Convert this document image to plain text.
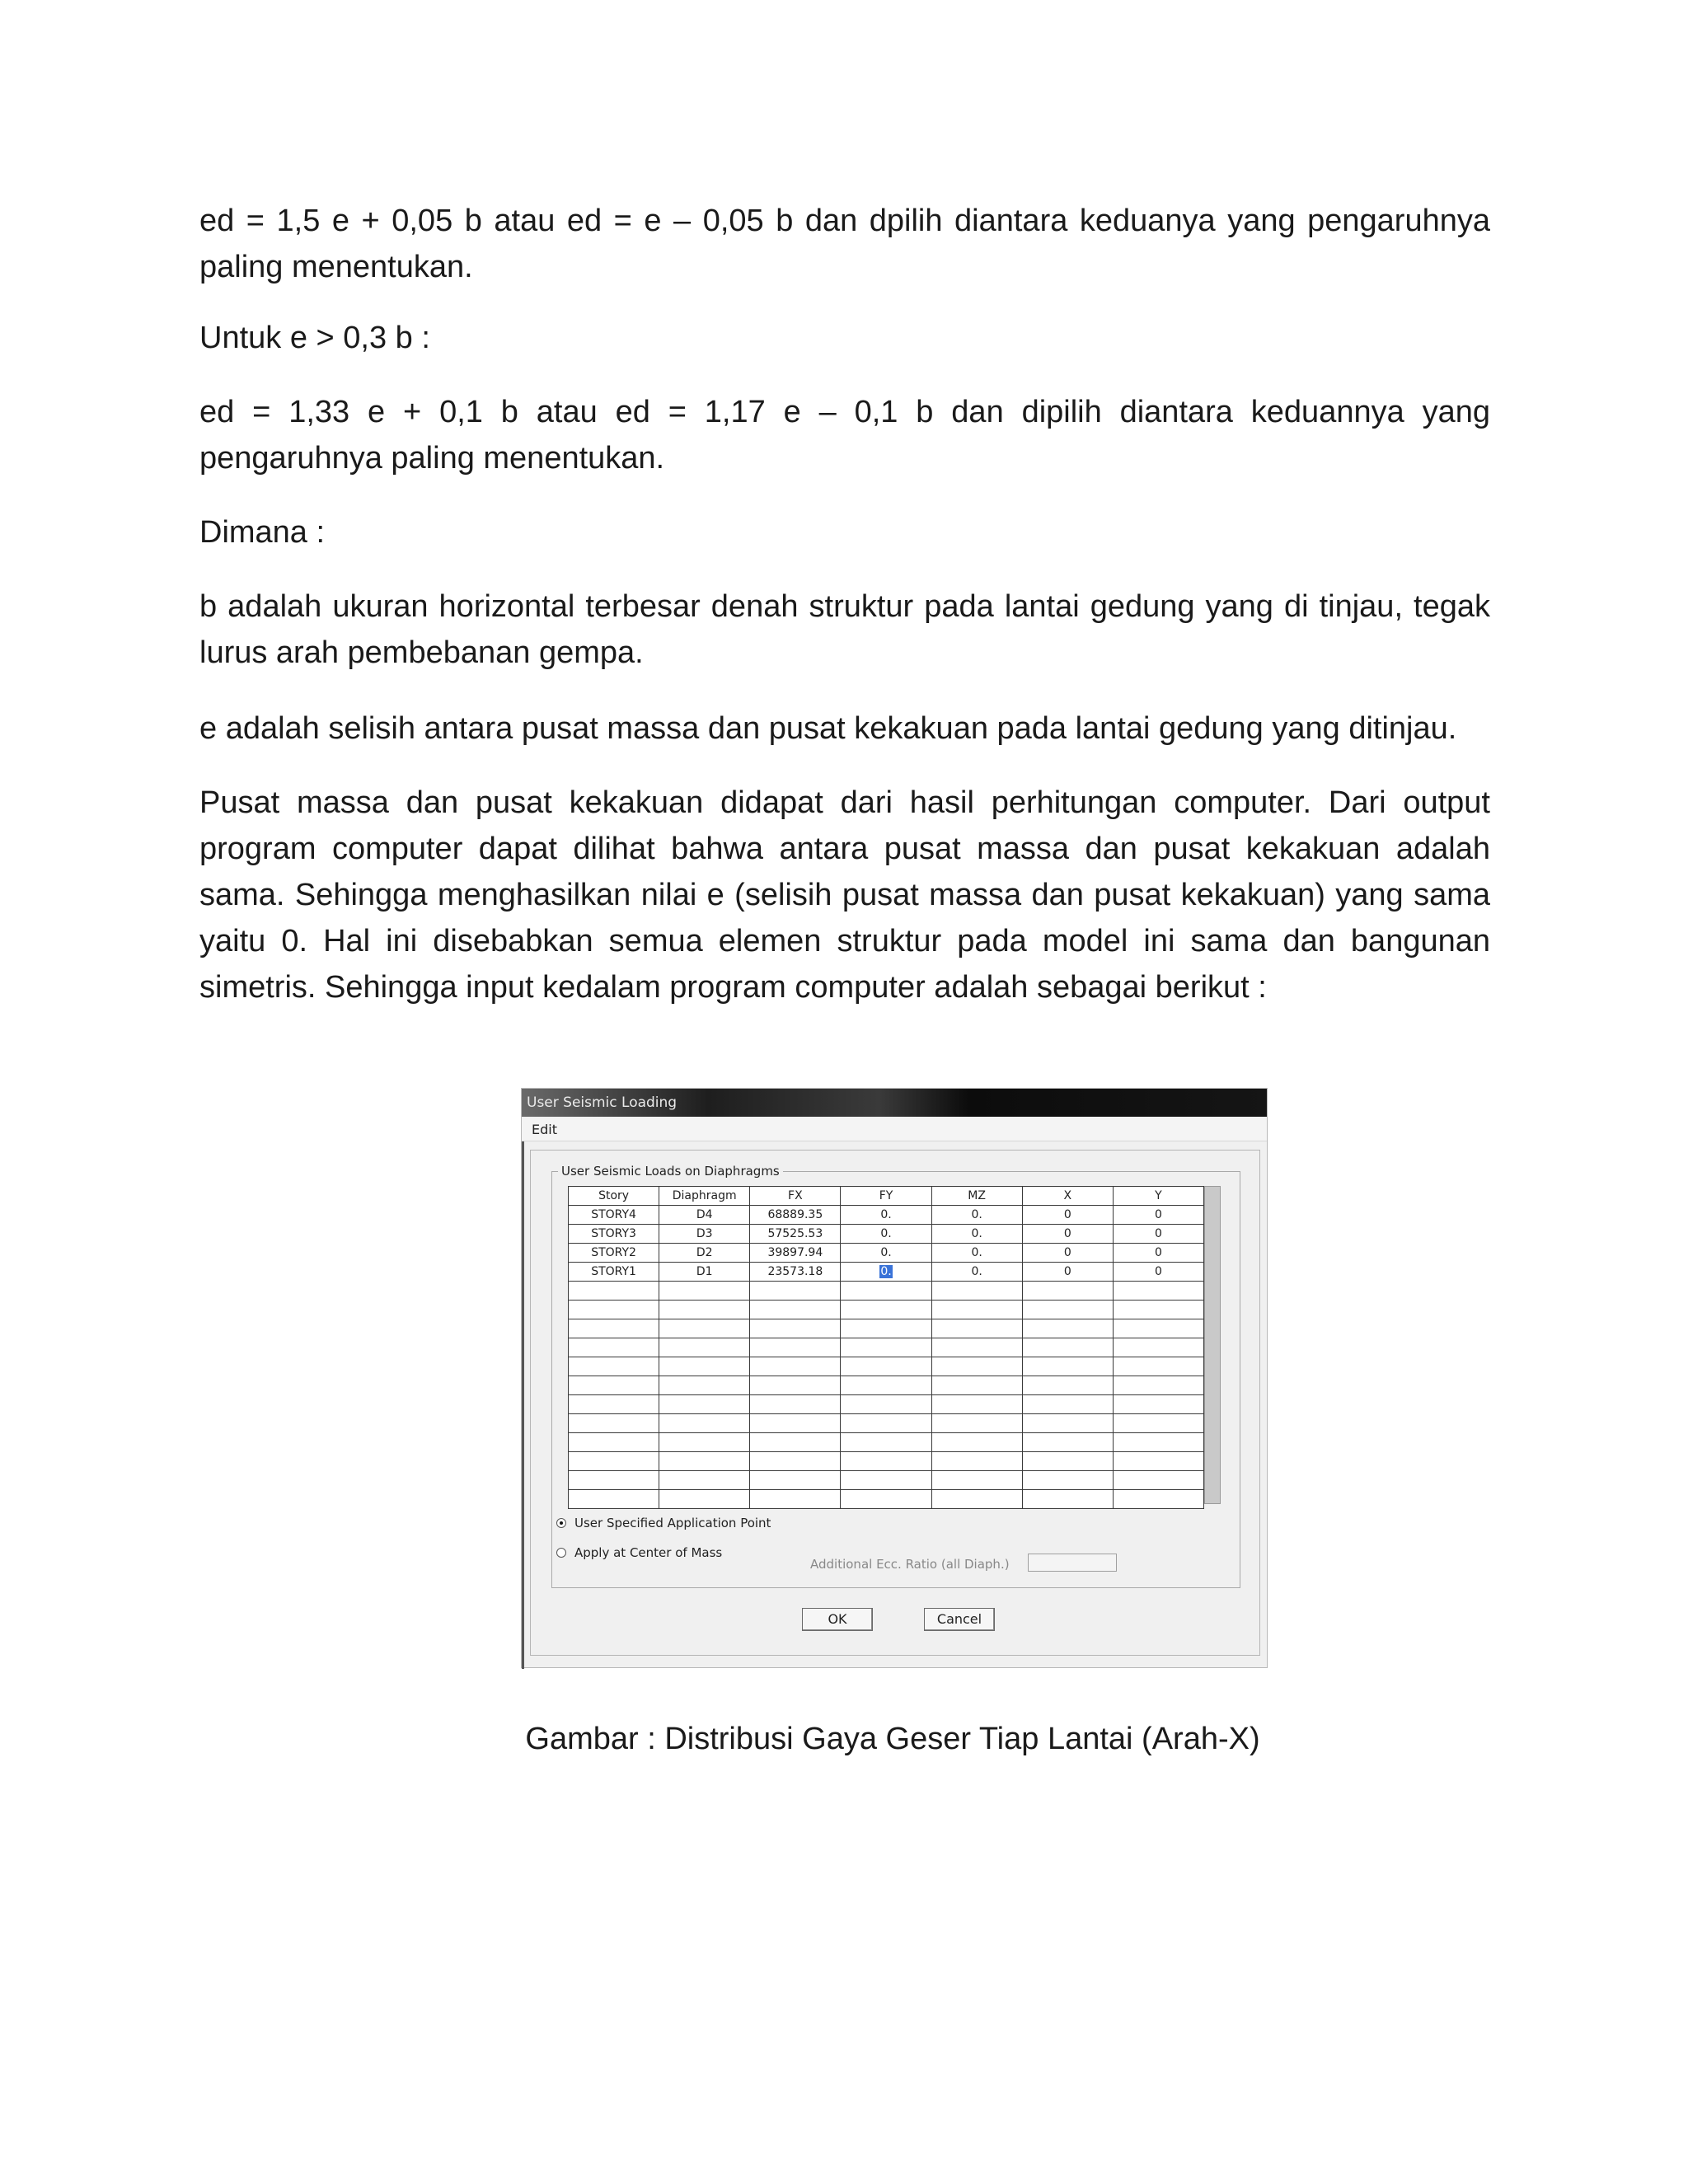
ed = 1,5 e + 0,05 b atau ed = e – 0,05 b dan dpilih diantara keduanya yang pengaruhnya paling menentukan.

Untuk e > 0,3 b :

ed = 1,33 e + 0,1 b atau ed = 1,17 e – 0,1 b dan dipilih diantara keduannya yang pengaruhnya paling menentukan.

Dimana :

b adalah ukuran horizontal terbesar denah struktur pada lantai gedung yang di tinjau, tegak lurus arah pembebanan gempa.

e adalah selisih antara pusat massa dan pusat kekakuan pada lantai gedung yang ditinjau.

Pusat massa dan pusat kekakuan didapat dari hasil perhitungan computer. Dari output program computer dapat dilihat bahwa antara pusat massa dan pusat kekakuan adalah sama. Sehingga menghasilkan nilai e (selisih pusat massa dan pusat kekakuan) yang sama yaitu 0. Hal ini disebabkan semua elemen struktur pada model ini sama dan bangunan simetris. Sehingga input kedalam program computer adalah sebagai berikut :

User Seismic Loading
Edit
User Seismic Loads on Diaphragms
Story	Diaphragm	FX	FY	MZ	X	Y
STORY4	D4	68889.35	0.	0.	0	0
STORY3	D3	57525.53	0.	0.	0	0
STORY2	D2	39897.94	0.	0.	0	0
STORY1	D1	23573.18	0.	0.	0	0

User Specified Application Point
Apply at Center of Mass
Additional Ecc. Ratio (all Diaph.)
OK	Cancel
Gambar : Distribusi Gaya Geser Tiap Lantai (Arah-X)
